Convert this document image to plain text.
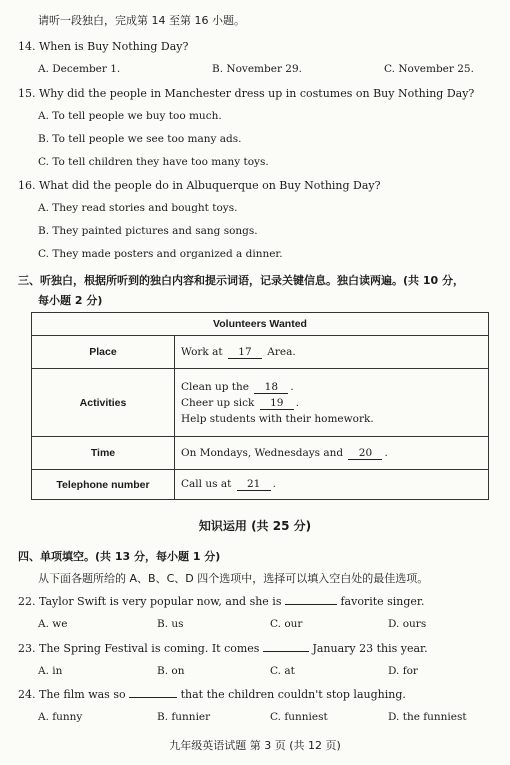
请听一段独白，完成第 14 至第 16 小题。
14. When is Buy Nothing Day?
A. December 1.	B. November 29.	C. November 25.
15. Why did the people in Manchester dress up in costumes on Buy Nothing Day?
A. To tell people we buy too much.
B. To tell people we see too many ads.
C. To tell children they have too many toys.
16. What did the people do in Albuquerque on Buy Nothing Day?
A. They read stories and bought toys.
B. They painted pictures and sang songs.
C. They made posters and organized a dinner.
三、听独白，根据所听到的独白内容和提示词语，记录关键信息。独白读两遍。(共 10 分，
每小题 2 分)
Volunteers Wanted	
Place	Work at 17 Area.
Activities	Clean up the 18 .
Cheer up sick 19 .
Help students with their homework.

Time	On Mondays, Wednesdays and 20 .
Telephone number	Call us at 21 .
知识运用 (共 25 分)
四、单项填空。(共 13 分，每小题 1 分)
从下面各题所给的 A、B、C、D 四个选项中，选择可以填入空白处的最佳选项。
22. Taylor Swift is very popular now, and she is	favorite singer.
A. we	B. us	C. our	D. ours
23. The Spring Festival is coming. It comes	January 23 this year.
A. in	B. on	C. at	D. for
24. The film was so	that the children couldn't stop laughing.
A. funny	B. funnier	C. funniest	D. the funniest
九年级英语试题 第 3 页 (共 12 页)
